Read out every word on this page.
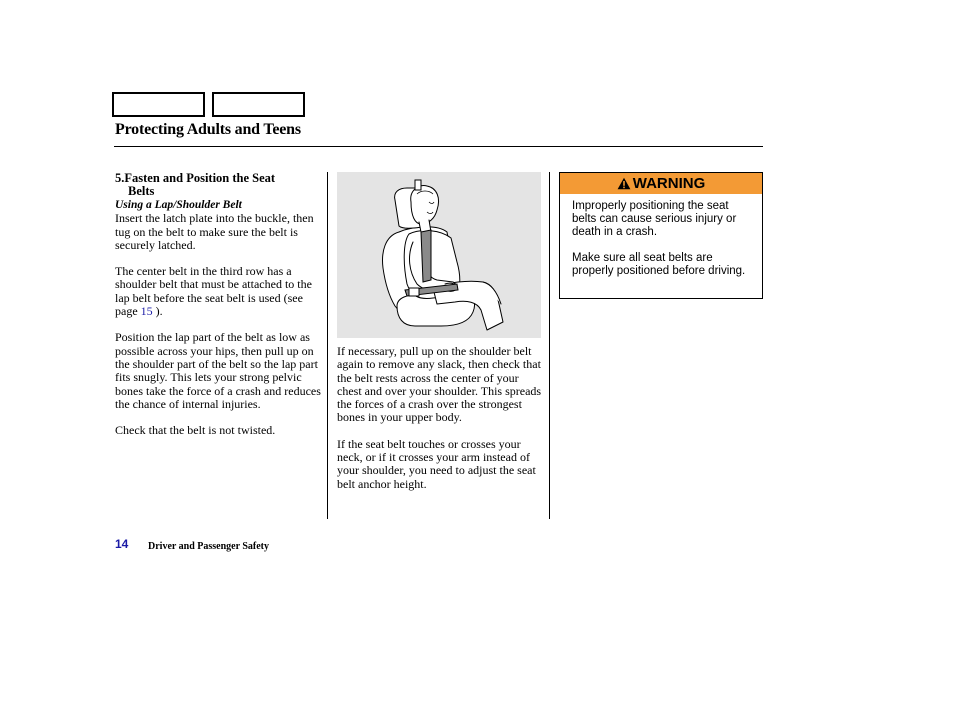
Protecting Adults and Teens
5.Fasten and Position the Seat
Belts
Using a Lap/Shoulder Belt

Insert the latch plate into the buckle, then tug on the belt to make sure the belt is securely latched.

The center belt in the third row has a shoulder belt that must be attached to the lap belt before the seat belt is used (see page 15 ).

Position the lap part of the belt as low as possible across your hips, then pull up on the shoulder part of the belt so the lap part fits snugly. This lets your strong pelvic bones take the force of a crash and reduces the chance of internal injuries.

Check that the belt is not twisted.

If necessary, pull up on the shoulder belt again to remove any slack, then check that the belt rests across the center of your chest and over your shoulder. This spreads the forces of a crash over the strongest bones in your upper body.

If the seat belt touches or crosses your neck, or if it crosses your arm instead of your shoulder, you need to adjust the seat belt anchor height.

WARNING

Improperly positioning the seat belts can cause serious injury or death in a crash.

Make sure all seat belts are properly positioned before driving.

14 Driver and Passenger Safety
